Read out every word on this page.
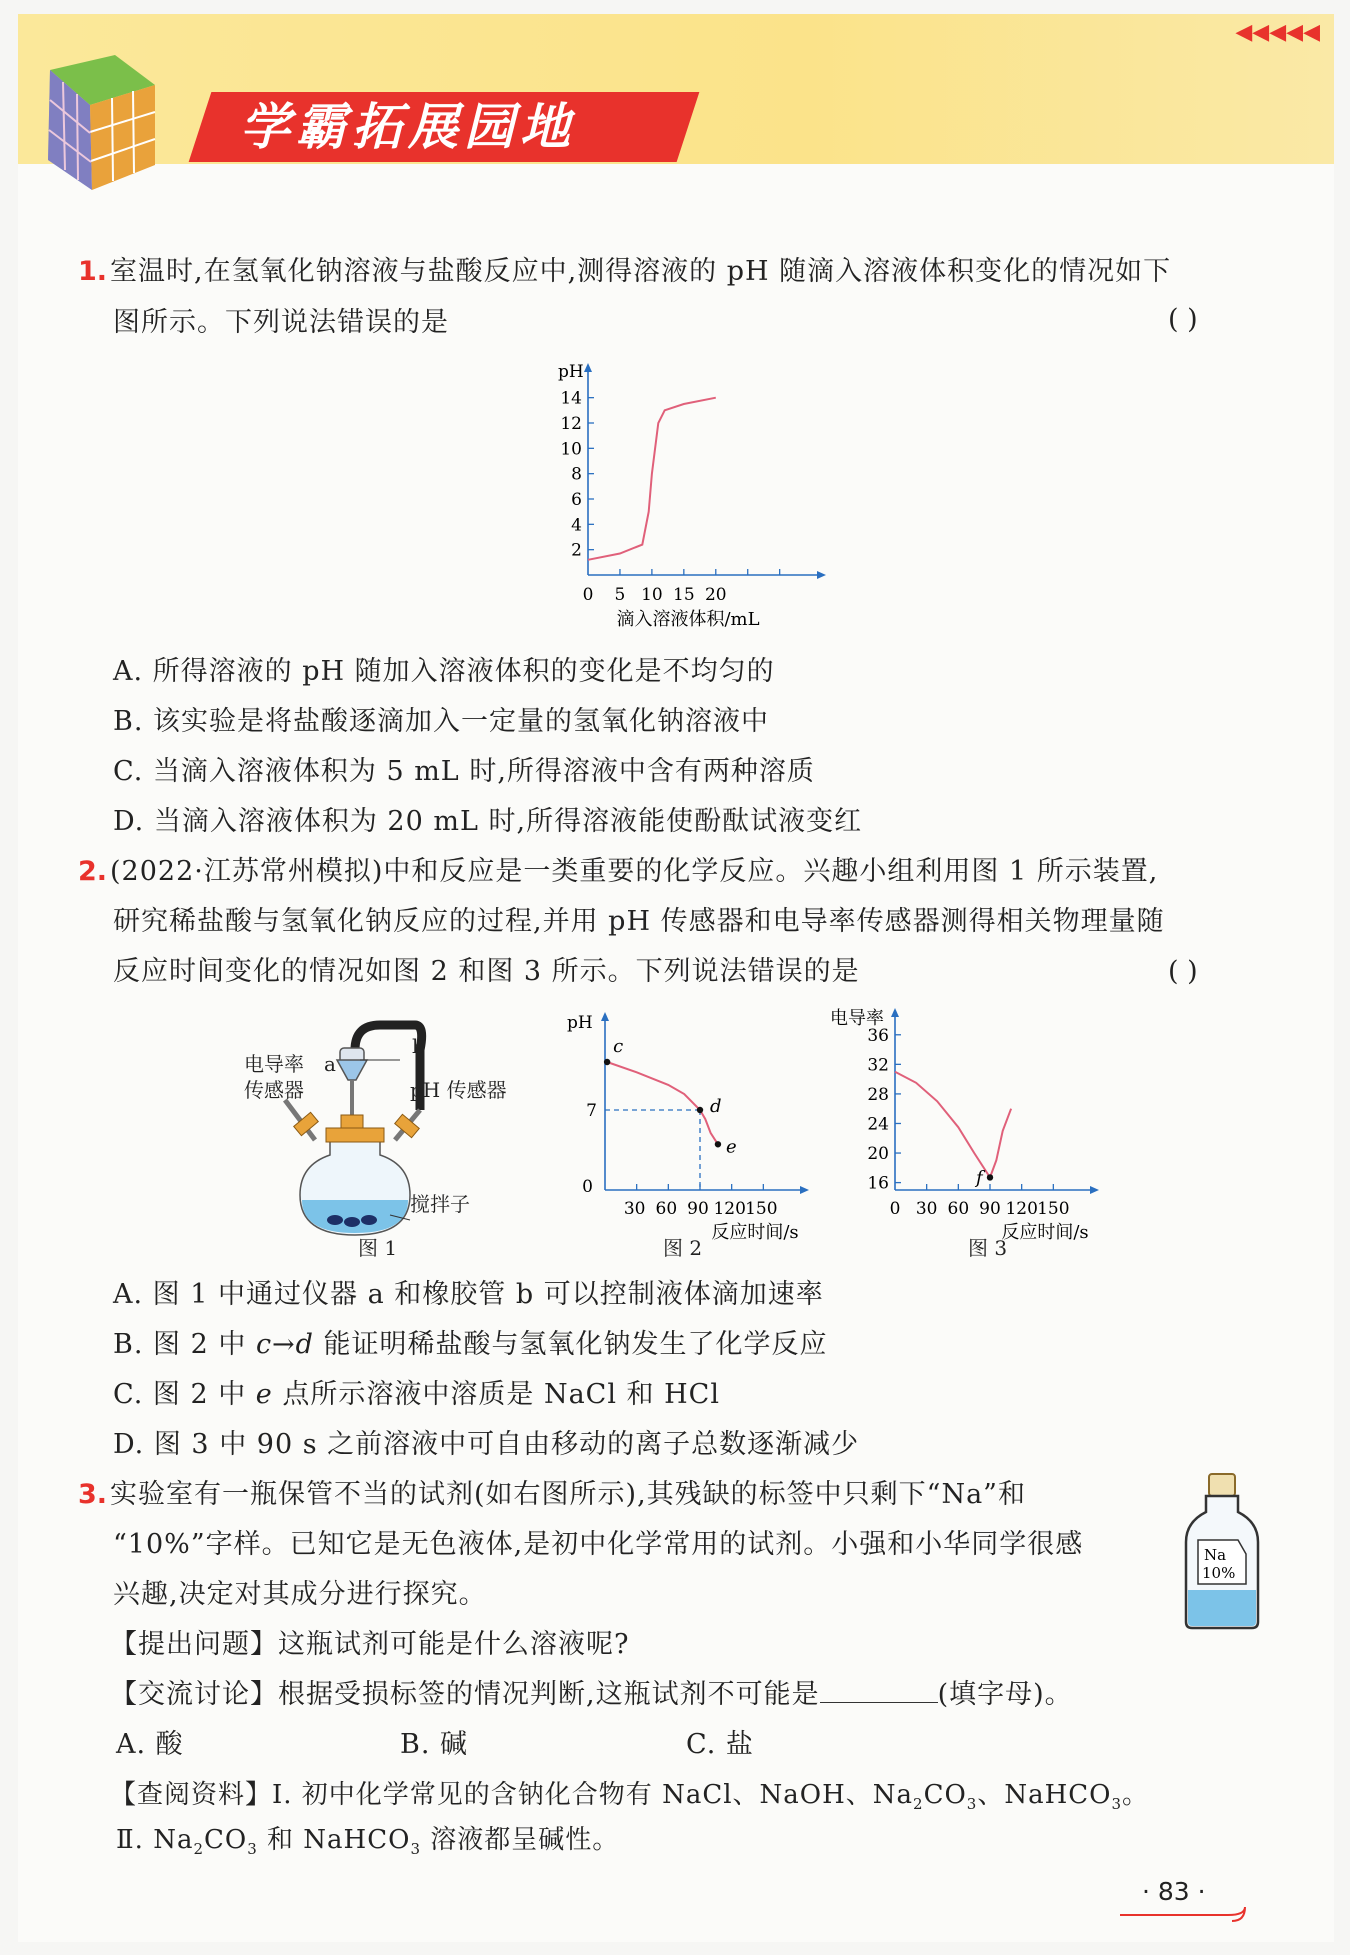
◀◀◀◀◀
学霸拓展园地
1. 室温时,在氢氧化钠溶液与盐酸反应中,测得溶液的 pH 随滴入溶液体积变化的情况如下
图所示。下列说法错误的是	( )
pH
14
12
10
8
6
4
2
0 5 10 15 20
滴入溶液体积/mL
A. 所得溶液的 pH 随加入溶液体积的变化是不均匀的
B. 该实验是将盐酸逐滴加入一定量的氢氧化钠溶液中
C. 当滴入溶液体积为 5 mL 时,所得溶液中含有两种溶质
D. 当滴入溶液体积为 20 mL 时,所得溶液能使酚酞试液变红
2. (2022·江苏常州模拟)中和反应是一类重要的化学反应。兴趣小组利用图 1 所示装置,
研究稀盐酸与氢氧化钠反应的过程,并用 pH 传感器和电导率传感器测得相关物理量随
反应时间变化的情况如图 2 和图 3 所示。下列说法错误的是	( )
电导率
传感器
a
b
pH 传感器
搅拌子
pH
0
7
30 60 90 120 150
反应时间/s
c
d
e
电导率
36
32
28
24
20
16
0 30 60 90 120 150
反应时间/s
f
图 1	图 2	图 3
A. 图 1 中通过仪器 a 和橡胶管 b 可以控制液体滴加速率
B. 图 2 中 c→d 能证明稀盐酸与氢氧化钠发生了化学反应
C. 图 2 中 e 点所示溶液中溶质是 NaCl 和 HCl
D. 图 3 中 90 s 之前溶液中可自由移动的离子总数逐渐减少
3. 实验室有一瓶保管不当的试剂(如右图所示),其残缺的标签中只剩下“Na”和
“10%”字样。已知它是无色液体,是初中化学常用的试剂。小强和小华同学很感
兴趣,决定对其成分进行探究。
Na
10%
【提出问题】这瓶试剂可能是什么溶液呢?
【交流讨论】根据受损标签的情况判断,这瓶试剂不可能是	(填字母)。
A. 酸	B. 碱	C. 盐
【查阅资料】Ⅰ. 初中化学常见的含钠化合物有 NaCl、NaOH、$Na_2CO_3$、NaHCO$_3$。
Ⅱ. $Na_2CO_3$ 和 NaHCO$_3$ 溶液都呈碱性。
· 83 ·
